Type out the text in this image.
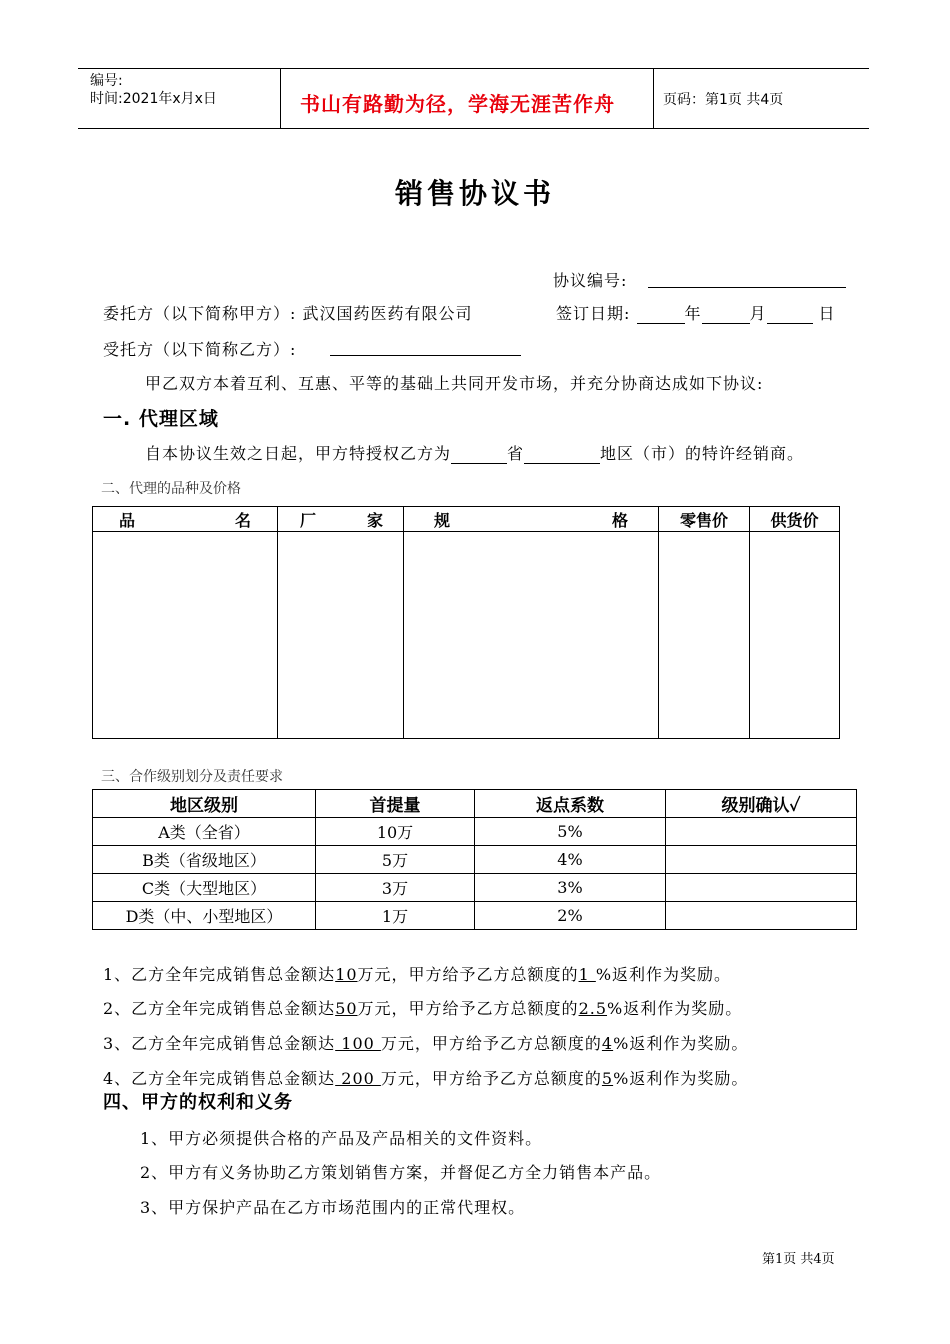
编号:
时间:2021年x月x日	书山有路勤为径，学海无涯苦作舟	页码：第1页 共4页
销售协议书
协议编号:
委托方（以下简称甲方）: 武汉国药医药有限公司	签订日期:	年	月	日
受托方（以下简称乙方）:
甲乙双方本着互利、互惠、平等的基础上共同开发市场，并充分协商达成如下协议:
一. 代理区域
自本协议生效之日起，甲方特授权乙方为	省	地区（市）的特许经销商。
二、代理的品种及价格
品 名	厂 家	规 格	零售价	供货价

三、合作级别划分及责任要求
地区级别	首提量	返点系数	级别确认✓
A类（全省）	10万	5%	
B类（省级地区）	5万	4%	
C类（大型地区）	3万	3%	
D类（中、小型地区）	1万	2%	
1、乙方全年完成销售总金额达10万元，甲方给予乙方总额度的1 %返利作为奖励。
2、乙方全年完成销售总金额达50万元，甲方给予乙方总额度的2.5%返利作为奖励。
3、乙方全年完成销售总金额达 100 万元，甲方给予乙方总额度的4%返利作为奖励。
4、乙方全年完成销售总金额达 200 万元，甲方给予乙方总额度的5%返利作为奖励。
四、甲方的权利和义务
1、甲方必须提供合格的产品及产品相关的文件资料。
2、甲方有义务协助乙方策划销售方案，并督促乙方全力销售本产品。
3、甲方保护产品在乙方市场范围内的正常代理权。
第1页 共4页
